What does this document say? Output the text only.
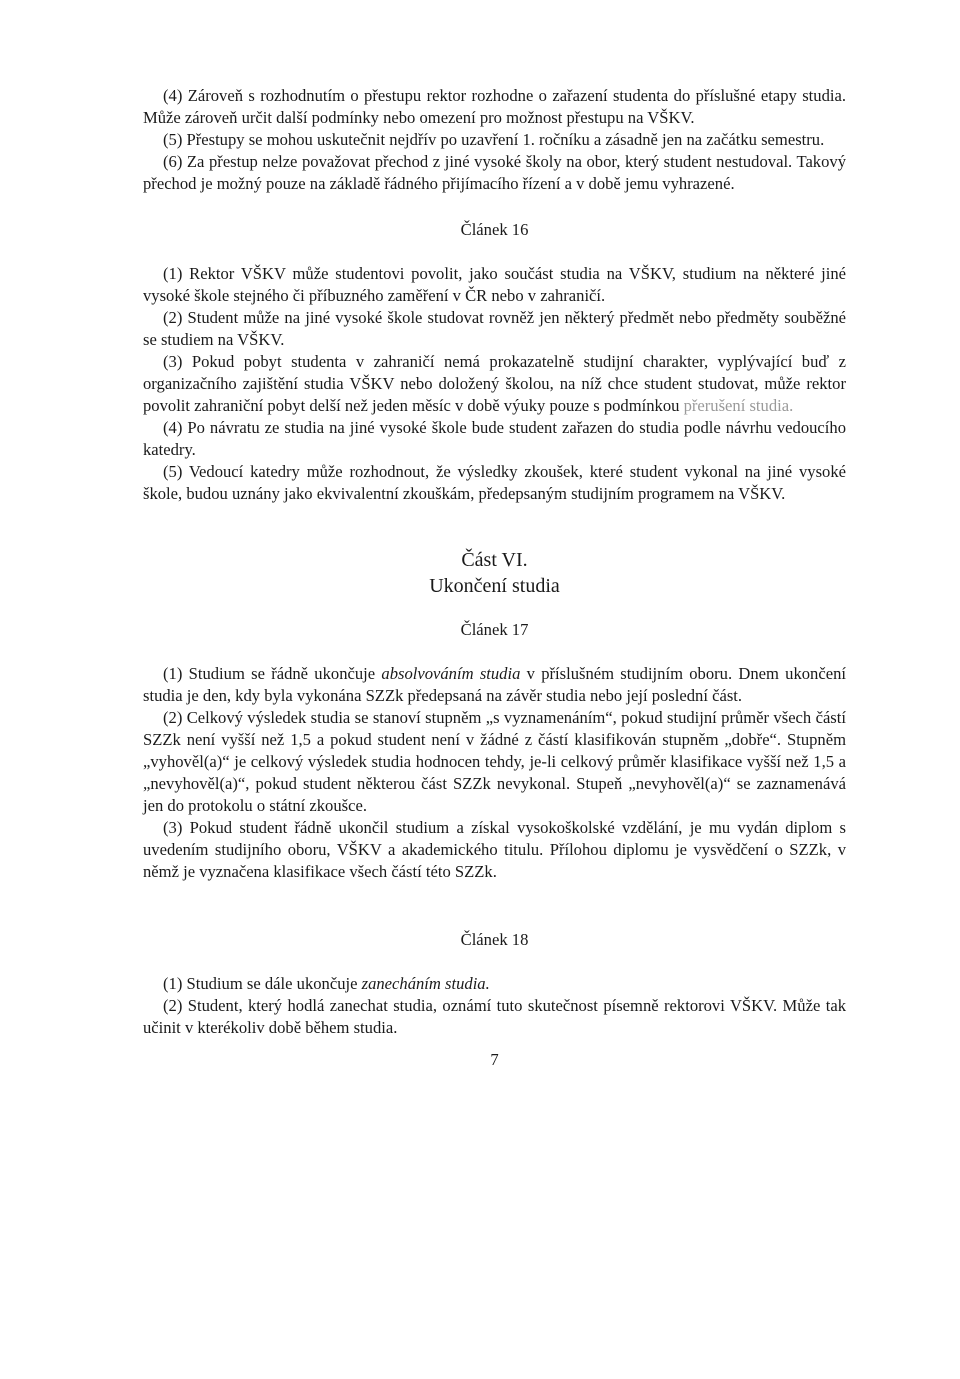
(4) Zároveň s rozhodnutím o přestupu rektor rozhodne o zařazení studenta do příslušné etapy studia. Může zároveň určit další podmínky nebo omezení pro možnost přestupu na VŠKV.

(5) Přestupy se mohou uskutečnit nejdřív po uzavření 1. ročníku a zásadně jen na začátku semestru.

(6) Za přestup nelze považovat přechod z jiné vysoké školy na obor, který student nestudoval. Takový přechod je možný pouze na základě řádného přijímacího řízení a v době jemu vyhrazené.

Článek 16

(1) Rektor VŠKV může studentovi povolit, jako součást studia na VŠKV, studium na některé jiné vysoké škole stejného či příbuzného zaměření v ČR nebo v zahraničí.

(2) Student může na jiné vysoké škole studovat rovněž jen některý předmět nebo předměty souběžné se studiem na VŠKV.

(3) Pokud pobyt studenta v zahraničí nemá prokazatelně studijní charakter, vyplývající buď z organizačního zajištění studia VŠKV nebo doložený školou, na níž chce student studovat, může rektor povolit zahraniční pobyt delší než jeden měsíc v době výuky pouze s podmínkou přerušení studia.

(4) Po návratu ze studia na jiné vysoké škole bude student zařazen do studia podle návrhu vedoucího katedry.

(5) Vedoucí katedry může rozhodnout, že výsledky zkoušek, které student vykonal na jiné vysoké škole, budou uznány jako ekvivalentní zkouškám, předepsaným studijním programem na VŠKV.

Část VI.
Ukončení studia
Článek 17

(1) Studium se řádně ukončuje absolvováním studia v příslušném studijním oboru. Dnem ukončení studia je den, kdy byla vykonána SZZk předepsaná na závěr studia nebo její poslední část.

(2) Celkový výsledek studia se stanoví stupněm „s vyznamenáním“, pokud studijní průměr všech částí SZZk není vyšší než 1,5 a pokud student není v žádné z částí klasifikován stupněm „dobře“. Stupněm „vyhověl(a)“ je celkový výsledek studia hodnocen tehdy, je-li celkový průměr klasifikace vyšší než 1,5 a „nevyhověl(a)“, pokud student některou část SZZk nevykonal. Stupeň „nevyhověl(a)“ se zaznamenává jen do protokolu o státní zkoušce.

(3) Pokud student řádně ukončil studium a získal vysokoškolské vzdělání, je mu vydán diplom s uvedením studijního oboru, VŠKV a akademického titulu. Přílohou diplomu je vysvědčení o SZZk, v němž je vyznačena klasifikace všech částí této SZZk.

Článek 18

(1) Studium se dále ukončuje zanecháním studia.

(2) Student, který hodlá zanechat studia, oznámí tuto skutečnost písemně rektorovi VŠKV. Může tak učinit v kterékoliv době během studia.

7
